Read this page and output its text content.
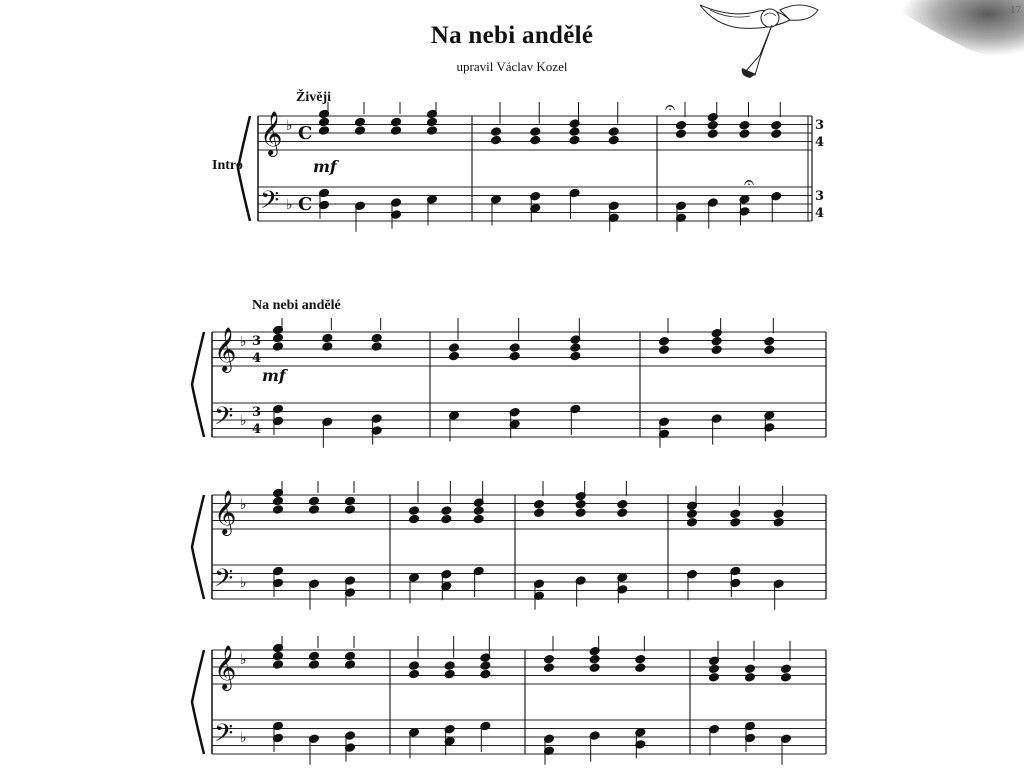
Na nebi andělé
upravil Václav Kozel
Živěji
Intro	mf
Na nebi andělé
mf
𝄞
𝄢
♭
♭
C
C
3
4
3
4
𝄐
𝄐
𝄞
𝄢
♭
♭
3
4
3
4
𝄞
𝄢
♭
♭
𝄞
𝄢
♭
♭
